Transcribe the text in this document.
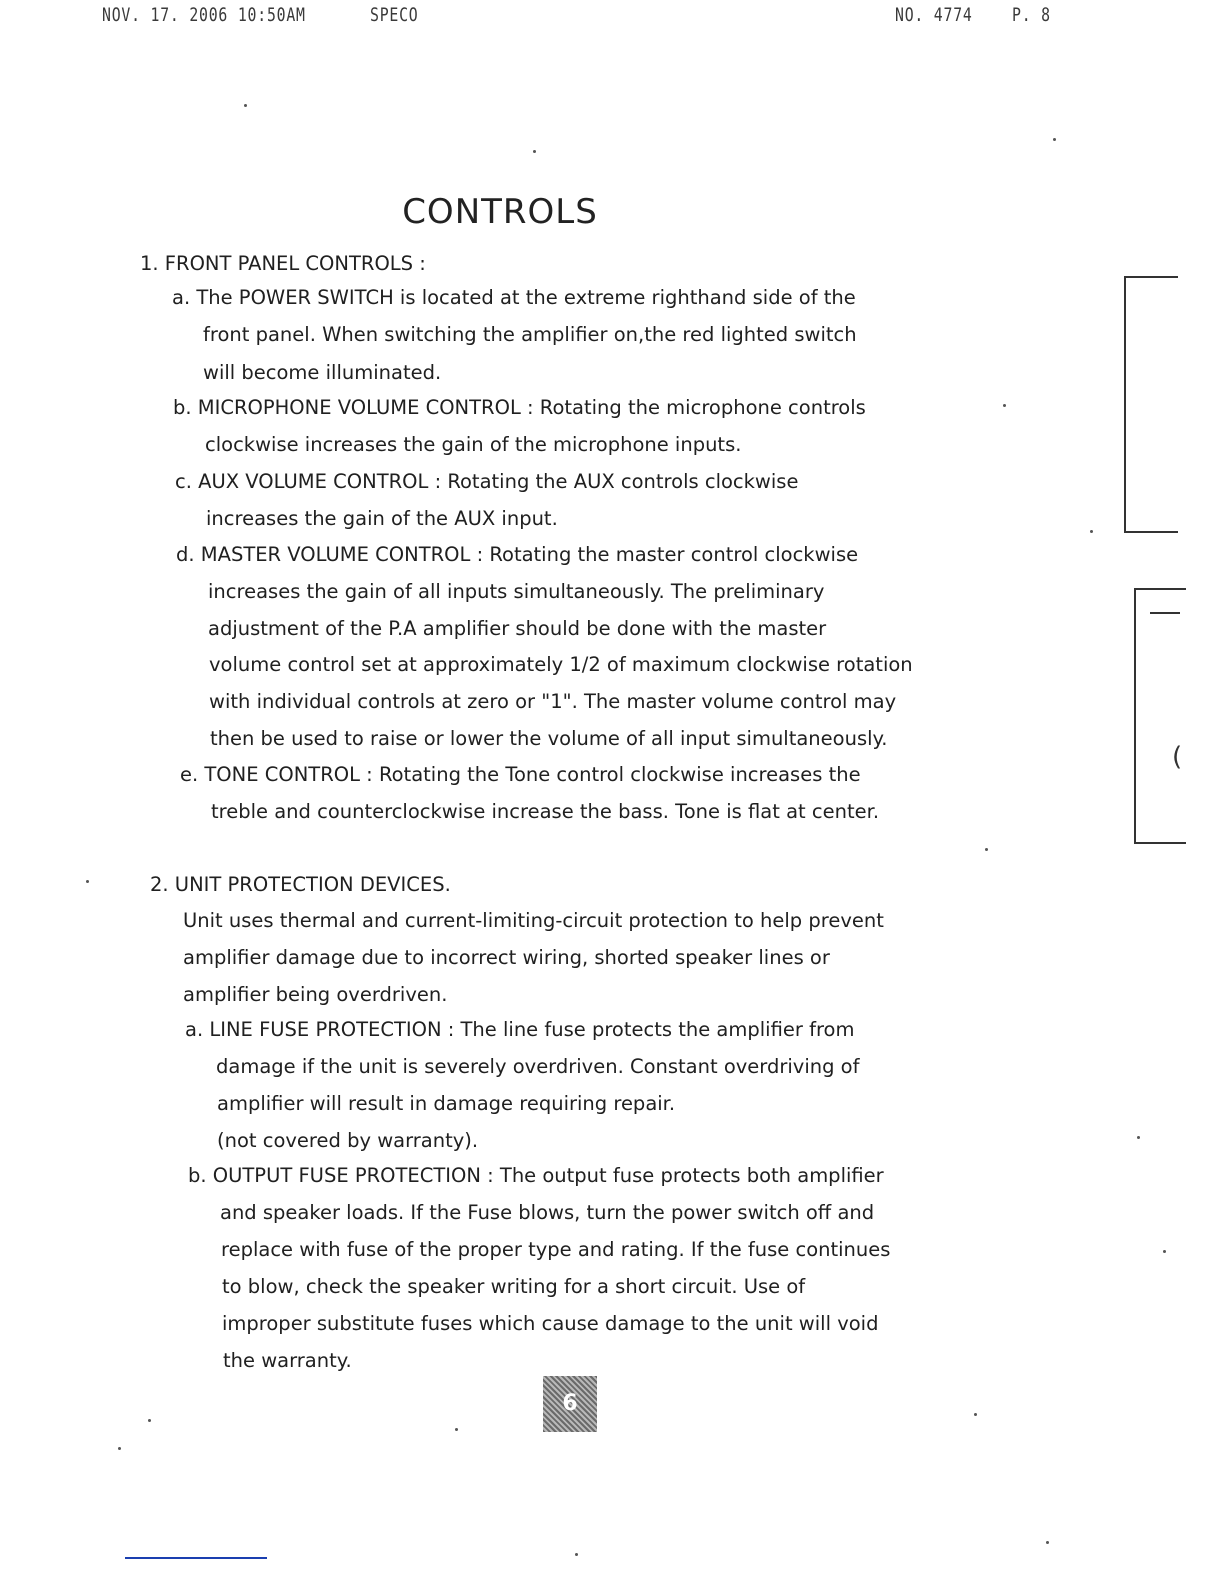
NOV. 17. 2006 10:50AM	SPECO	NO. 4774 P. 8
CONTROLS
1. FRONT PANEL CONTROLS :
a. The POWER SWITCH is located at the extreme righthand side of the
front panel. When switching the amplifier on,the red lighted switch
will become illuminated.
b. MICROPHONE VOLUME CONTROL : Rotating the microphone controls
clockwise increases the gain of the microphone inputs.
c. AUX VOLUME CONTROL : Rotating the AUX controls clockwise
increases the gain of the AUX input.
d. MASTER VOLUME CONTROL : Rotating the master control clockwise
increases the gain of all inputs simultaneously. The preliminary
adjustment of the P.A amplifier should be done with the master
volume control set at approximately 1/2 of maximum clockwise rotation
with individual controls at zero or "1". The master volume control may
then be used to raise or lower the volume of all input simultaneously.
e. TONE CONTROL : Rotating the Tone control clockwise increases the
treble and counterclockwise increase the bass. Tone is flat at center.
2. UNIT PROTECTION DEVICES.
Unit uses thermal and current-limiting-circuit protection to help prevent
amplifier damage due to incorrect wiring, shorted speaker lines or
amplifier being overdriven.
a. LINE FUSE PROTECTION : The line fuse protects the amplifier from
damage if the unit is severely overdriven. Constant overdriving of
amplifier will result in damage requiring repair.
(not covered by warranty).
b. OUTPUT FUSE PROTECTION : The output fuse protects both amplifier
and speaker loads. If the Fuse blows, turn the power switch off and
replace with fuse of the proper type and rating. If the fuse continues
to blow, check the speaker writing for a short circuit. Use of
improper substitute fuses which cause damage to the unit will void
the warranty.
6
(
